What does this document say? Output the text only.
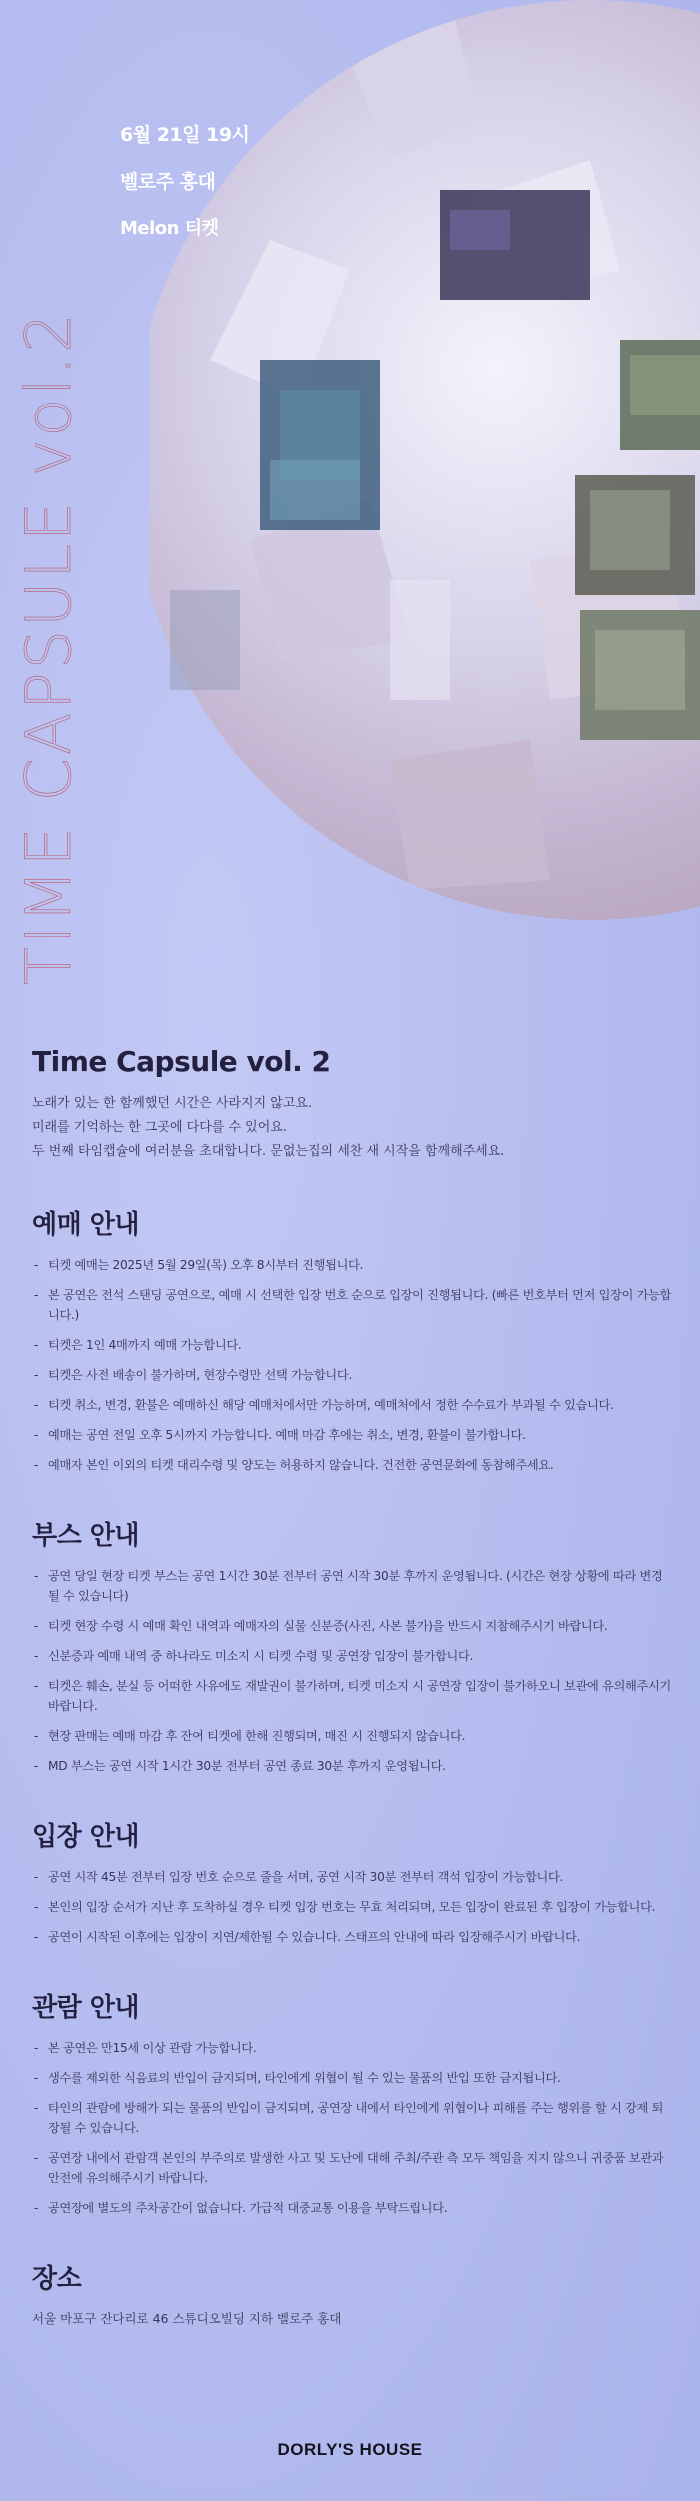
TIME CAPSULE vol.2
6월 21일 19시
벨로주 홍대
Melon 티켓
Time Capsule vol. 2
노래가 있는 한 함께했던 시간은 사라지지 않고요.
미래를 기억하는 한 그곳에 다다를 수 있어요.
두 번째 타임캡슐에 여러분을 초대합니다. 문없는집의 세찬 새 시작을 함께해주세요.
예매 안내
- 티켓 예매는 2025년 5월 29일(목) 오후 8시부터 진행됩니다.
- 본 공연은 전석 스탠딩 공연으로, 예매 시 선택한 입장 번호 순으로 입장이 진행됩니다. (빠른 번호부터 먼저 입장이 가능합니다.)
- 티켓은 1인 4매까지 예매 가능합니다.
- 티켓은 사전 배송이 불가하며, 현장수령만 선택 가능합니다.
- 티켓 취소, 변경, 환불은 예매하신 해당 예매처에서만 가능하며, 예매처에서 정한 수수료가 부과될 수 있습니다.
- 예매는 공연 전일 오후 5시까지 가능합니다. 예매 마감 후에는 취소, 변경, 환불이 불가합니다.
- 예매자 본인 이외의 티켓 대리수령 및 양도는 허용하지 않습니다. 건전한 공연문화에 동참해주세요.
부스 안내
- 공연 당일 현장 티켓 부스는 공연 1시간 30분 전부터 공연 시작 30분 후까지 운영됩니다. (시간은 현장 상황에 따라 변경될 수 있습니다)
- 티켓 현장 수령 시 예매 확인 내역과 예매자의 실물 신분증(사진, 사본 불가)을 반드시 지참해주시기 바랍니다.
- 신분증과 예매 내역 중 하나라도 미소지 시 티켓 수령 및 공연장 입장이 불가합니다.
- 티켓은 훼손, 분실 등 어떠한 사유에도 재발권이 불가하며, 티켓 미소지 시 공연장 입장이 불가하오니 보관에 유의해주시기 바랍니다.
- 현장 판매는 예매 마감 후 잔여 티켓에 한해 진행되며, 매진 시 진행되지 않습니다.
- MD 부스는 공연 시작 1시간 30분 전부터 공연 종료 30분 후까지 운영됩니다.
입장 안내
- 공연 시작 45분 전부터 입장 번호 순으로 줄을 서며, 공연 시작 30분 전부터 객석 입장이 가능합니다.
- 본인의 입장 순서가 지난 후 도착하실 경우 티켓 입장 번호는 무효 처리되며, 모든 입장이 완료된 후 입장이 가능합니다.
- 공연이 시작된 이후에는 입장이 지연/제한될 수 있습니다. 스태프의 안내에 따라 입장해주시기 바랍니다.
관람 안내
- 본 공연은 만15세 이상 관람 가능합니다.
- 생수를 제외한 식음료의 반입이 금지되며, 타인에게 위협이 될 수 있는 물품의 반입 또한 금지됩니다.
- 타인의 관람에 방해가 되는 물품의 반입이 금지되며, 공연장 내에서 타인에게 위협이나 피해를 주는 행위를 할 시 강제 퇴장될 수 있습니다.
- 공연장 내에서 관람객 본인의 부주의로 발생한 사고 및 도난에 대해 주최/주관 측 모두 책임을 지지 않으니 귀중품 보관과 안전에 유의해주시기 바랍니다.
- 공연장에 별도의 주차공간이 없습니다. 가급적 대중교통 이용을 부탁드립니다.
장소
서울 마포구 잔다리로 46 스튜디오빌딩 지하 벨로주 홍대
DORLY'S HOUSE
